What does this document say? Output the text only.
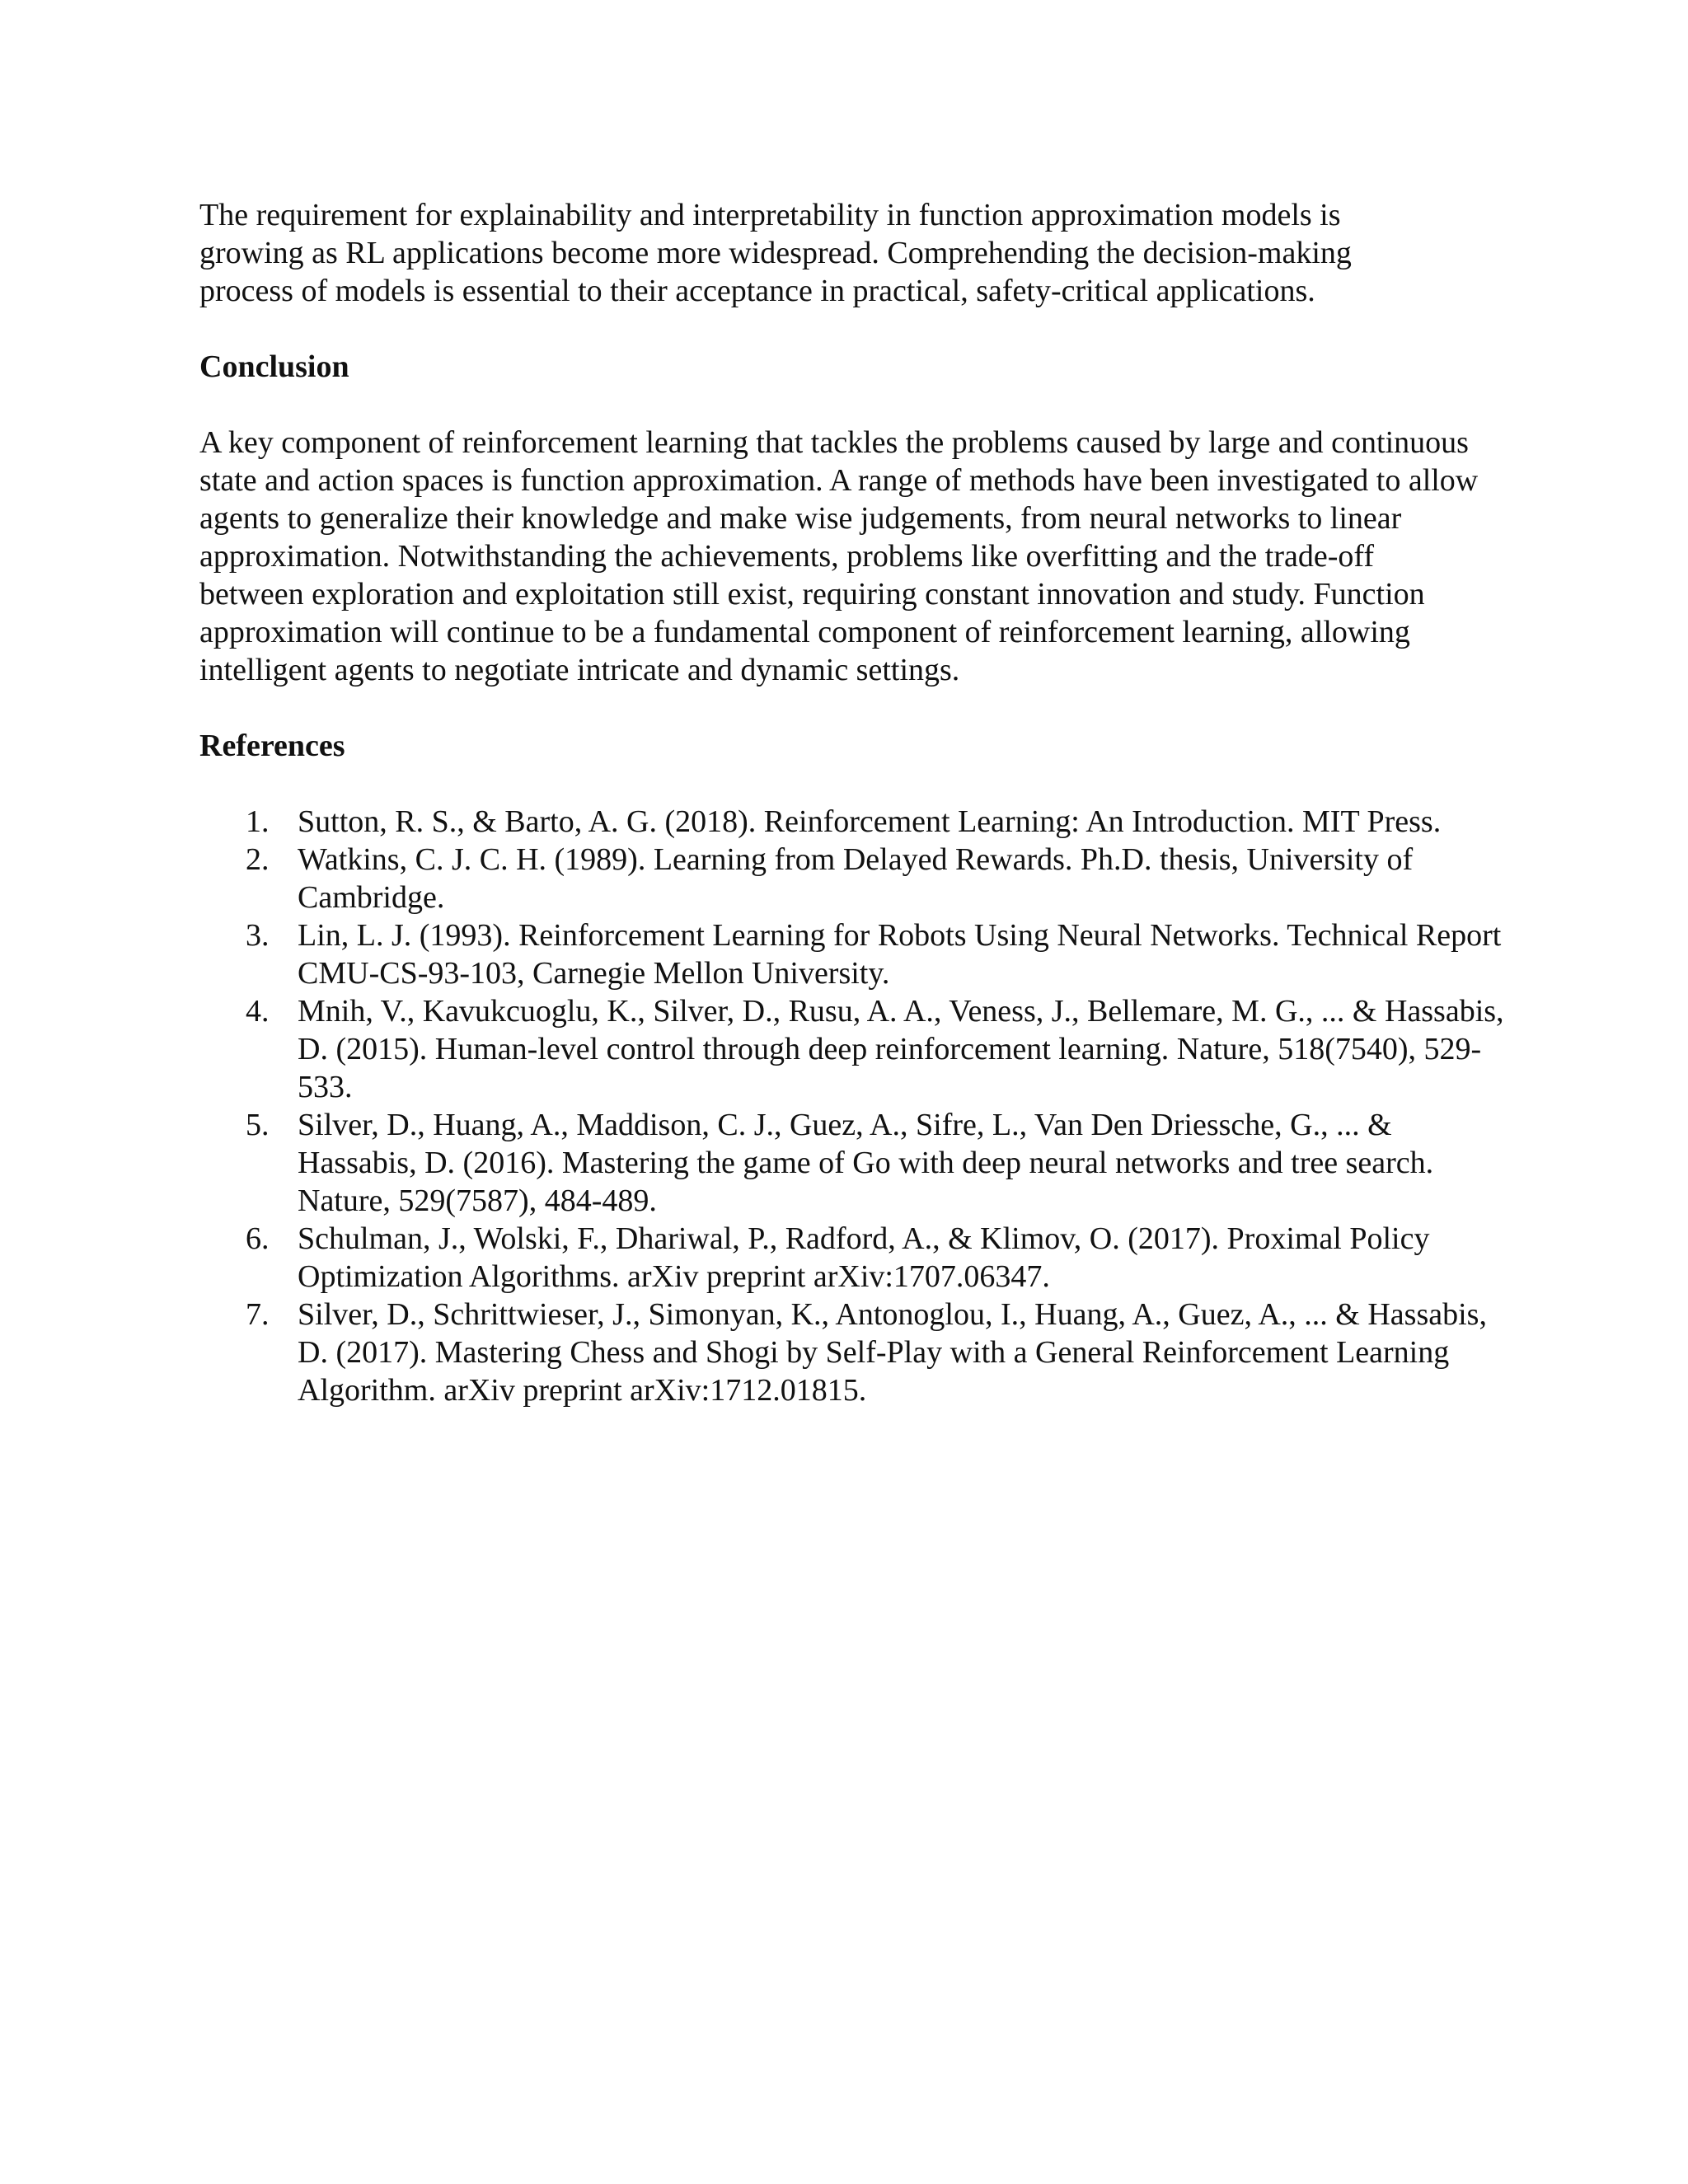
The requirement for explainability and interpretability in function approximation models is growing as RL applications become more widespread. Comprehending the decision-making process of models is essential to their acceptance in practical, safety-critical applications.

Conclusion

A key component of reinforcement learning that tackles the problems caused by large and continuous state and action spaces is function approximation. A range of methods have been investigated to allow agents to generalize their knowledge and make wise judgements, from neural networks to linear approximation. Notwithstanding the achievements, problems like overfitting and the trade-off between exploration and exploitation still exist, requiring constant innovation and study. Function approximation will continue to be a fundamental component of reinforcement learning, allowing intelligent agents to negotiate intricate and dynamic settings.

References
1. Sutton, R. S., & Barto, A. G. (2018). Reinforcement Learning: An Introduction. MIT Press.
2. Watkins, C. J. C. H. (1989). Learning from Delayed Rewards. Ph.D. thesis, University of Cambridge.
3. Lin, L. J. (1993). Reinforcement Learning for Robots Using Neural Networks. Technical Report CMU-CS-93-103, Carnegie Mellon University.
4. Mnih, V., Kavukcuoglu, K., Silver, D., Rusu, A. A., Veness, J., Bellemare, M. G., ... & Hassabis, D. (2015). Human-level control through deep reinforcement learning. Nature, 518(7540), 529-533.
5. Silver, D., Huang, A., Maddison, C. J., Guez, A., Sifre, L., Van Den Driessche, G., ... & Hassabis, D. (2016). Mastering the game of Go with deep neural networks and tree search. Nature, 529(7587), 484-489.
6. Schulman, J., Wolski, F., Dhariwal, P., Radford, A., & Klimov, O. (2017). Proximal Policy Optimization Algorithms. arXiv preprint arXiv:1707.06347.
7. Silver, D., Schrittwieser, J., Simonyan, K., Antonoglou, I., Huang, A., Guez, A., ... & Hassabis, D. (2017). Mastering Chess and Shogi by Self-Play with a General Reinforcement Learning Algorithm. arXiv preprint arXiv:1712.01815.
